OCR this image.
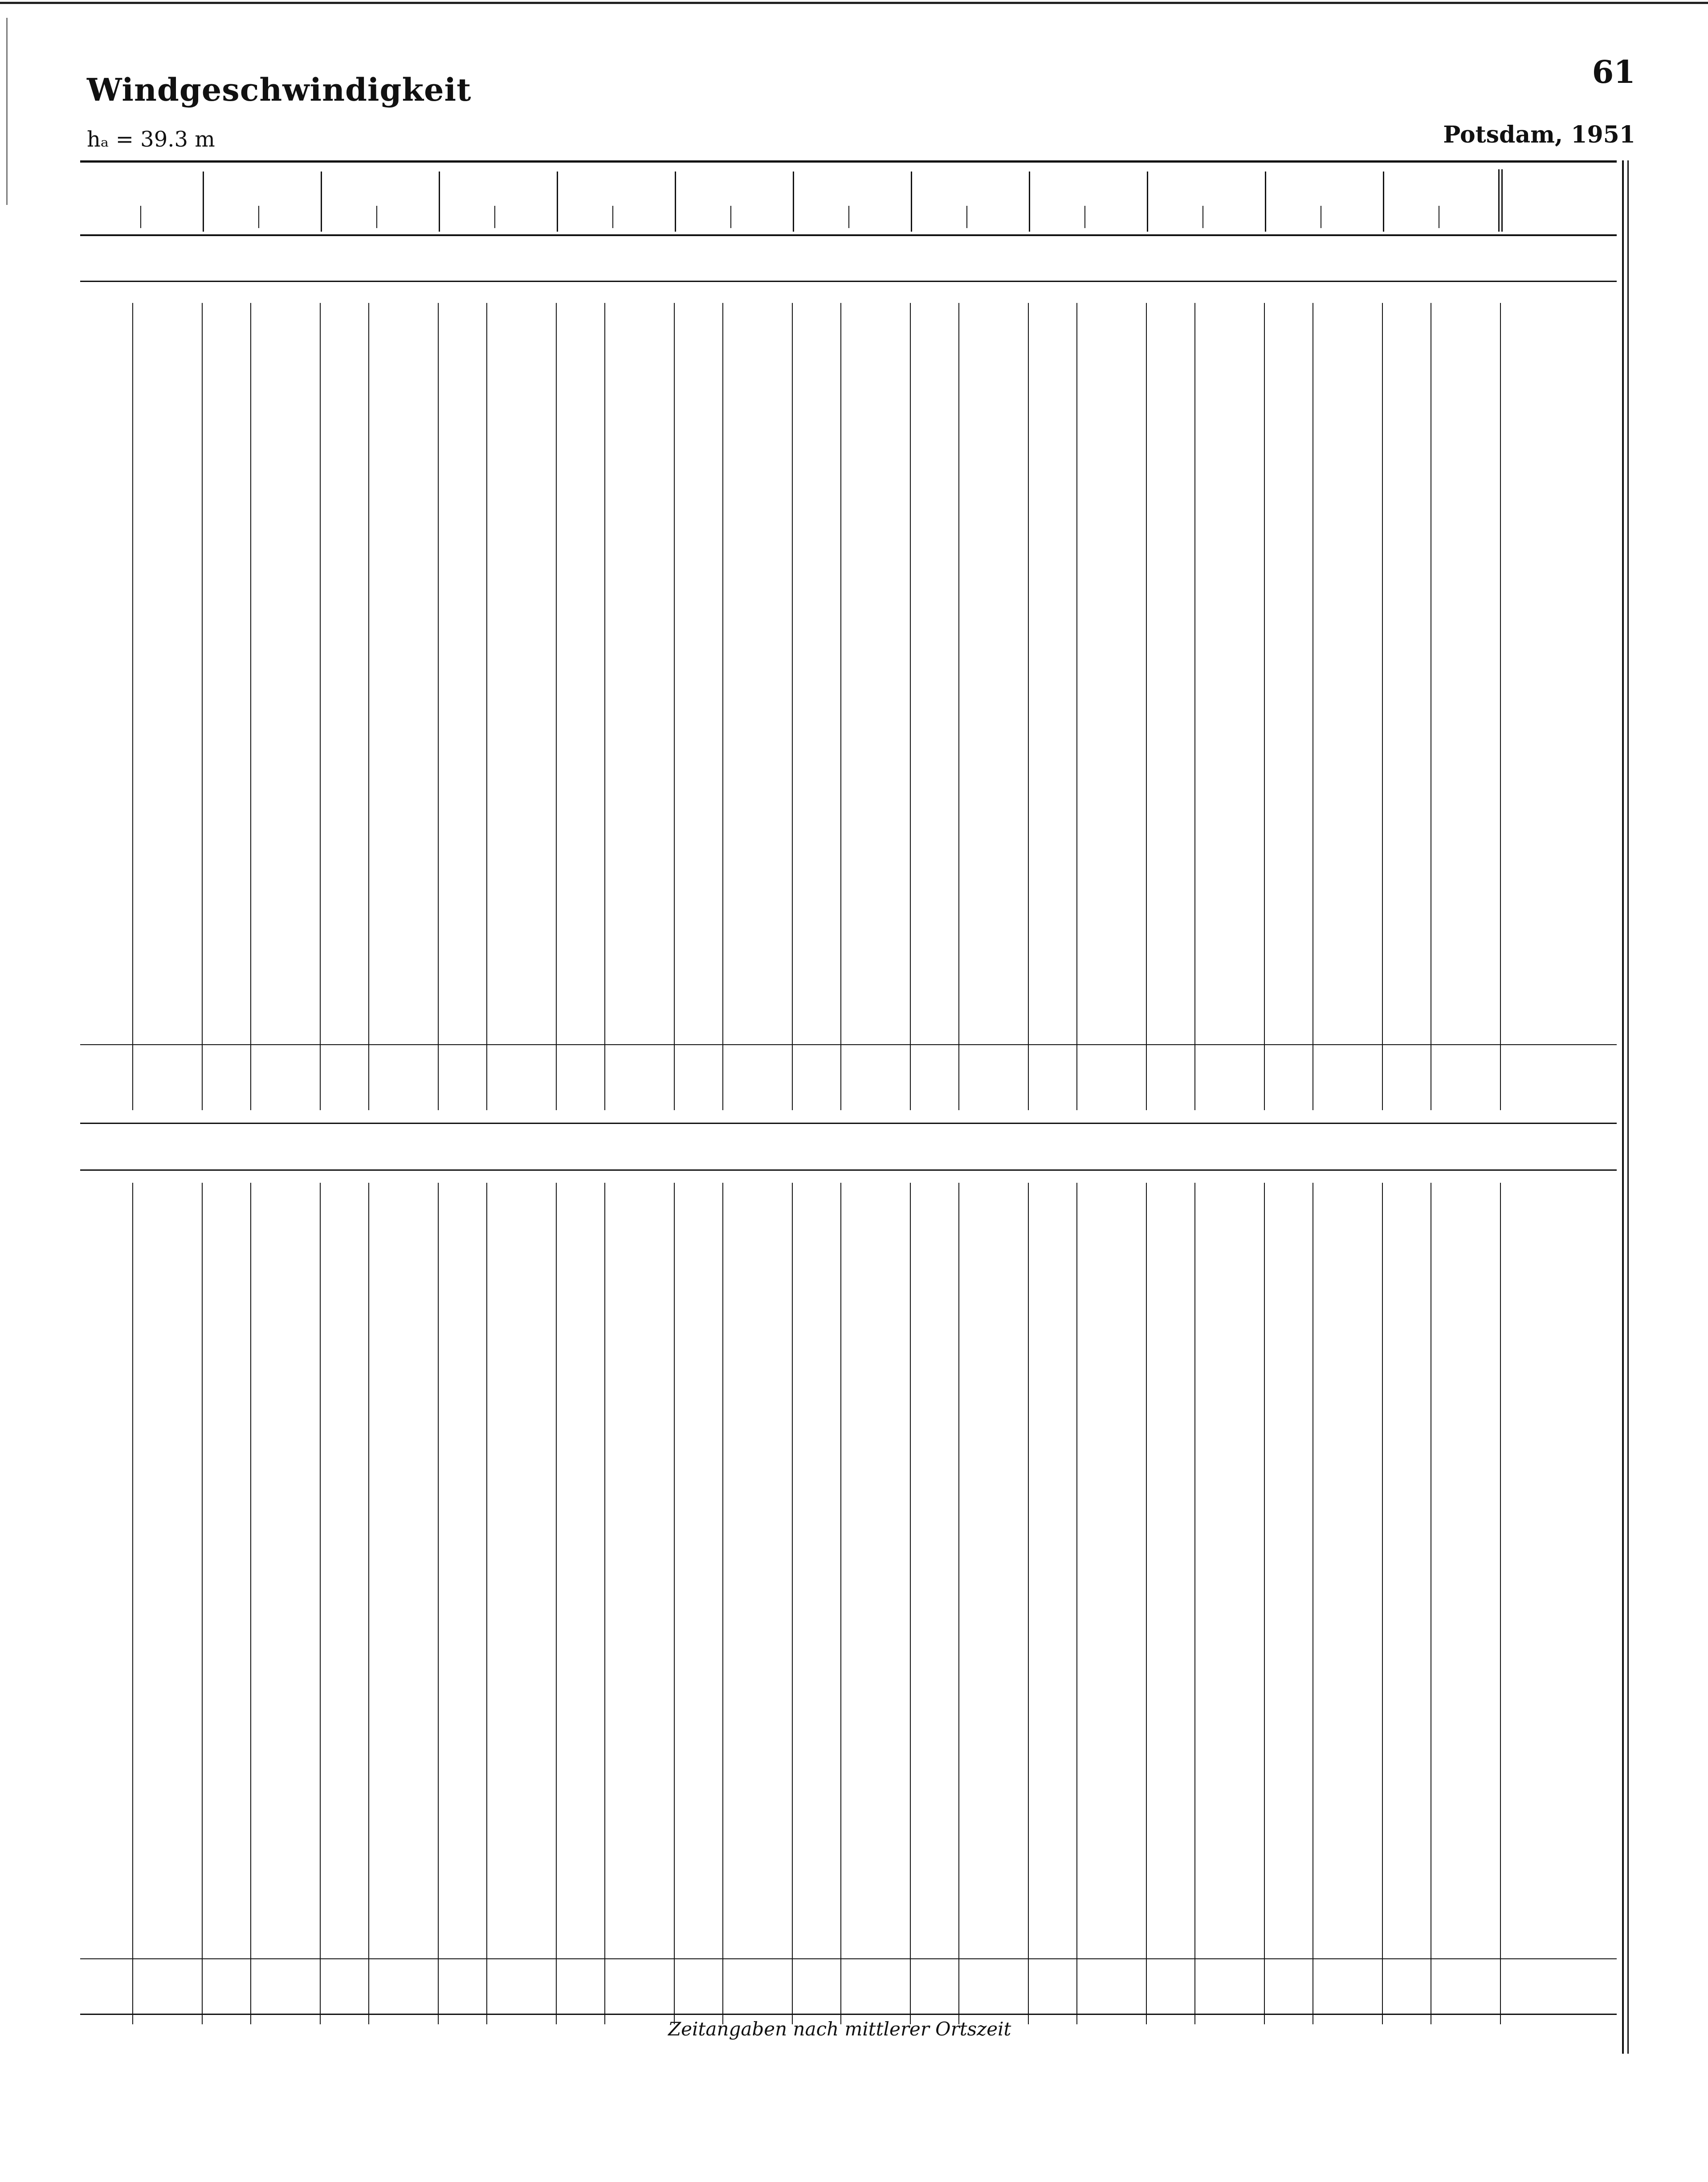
Windgeschwindigkeit	61
hₐ = 39.3 m	Potsdam, 1951
Zeitangaben nach mittlerer Ortszeit
